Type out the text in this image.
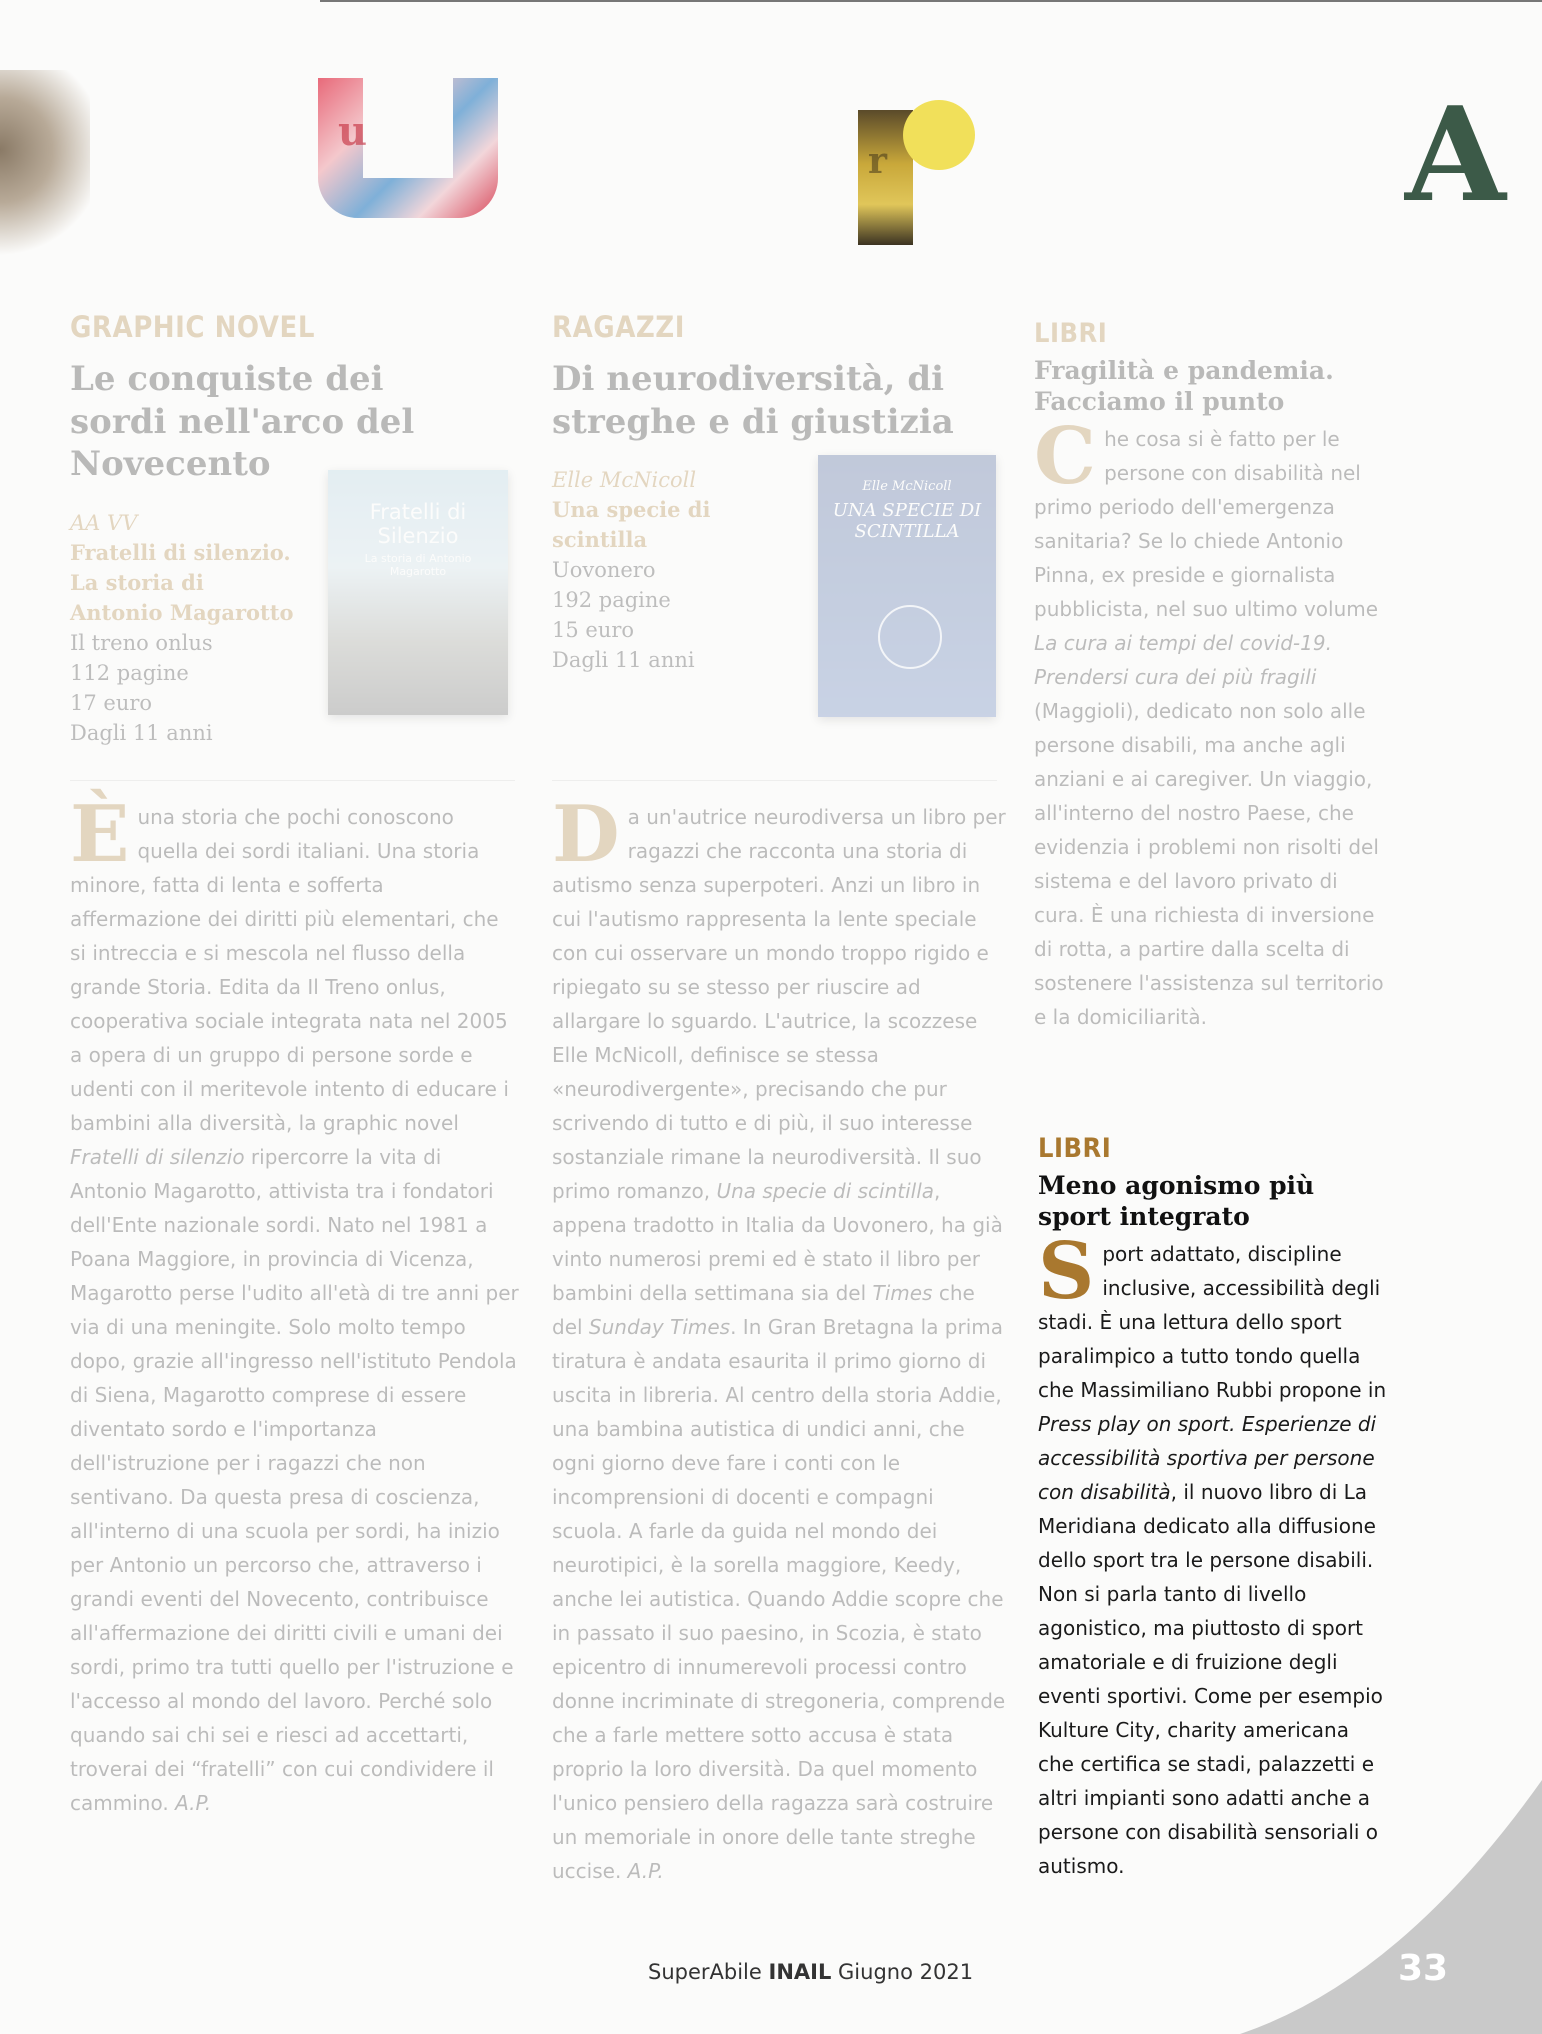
u
r	A
GRAPHIC NOVEL
Le conquiste dei sordi nell'arco del Novecento
AA VV
Fratelli di silenzio. La storia di Antonio Magarotto
Il treno onlus
112 pagine
17 euro
Dagli 11 anni
Fratelli di Silenzio
La storia di Antonio Magarotto

È una storia che pochi conoscono quella dei sordi italiani. Una storia minore, fatta di lenta e sofferta affermazione dei diritti più elementari, che si intreccia e si mescola nel flusso della grande Storia. Edita da Il Treno onlus, cooperativa sociale integrata nata nel 2005 a opera di un gruppo di persone sorde e udenti con il meritevole intento di educare i bambini alla diversità, la graphic novel Fratelli di silenzio ripercorre la vita di Antonio Magarotto, attivista tra i fondatori dell'Ente nazionale sordi. Nato nel 1981 a Poana Maggiore, in provincia di Vicenza, Magarotto perse l'udito all'età di tre anni per via di una meningite. Solo molto tempo dopo, grazie all'ingresso nell'istituto Pendola di Siena, Magarotto comprese di essere diventato sordo e l'importanza dell'istruzione per i ragazzi che non sentivano. Da questa presa di coscienza, all'interno di una scuola per sordi, ha inizio per Antonio un percorso che, attraverso i grandi eventi del Novecento, contribuisce all'affermazione dei diritti civili e umani dei sordi, primo tra tutti quello per l'istruzione e l'accesso al mondo del lavoro. Perché solo quando sai chi sei e riesci ad accettarti, troverai dei “fratelli” con cui condividere il cammino. A.P.

RAGAZZI
Di neurodiversità, di streghe e di giustizia
Elle McNicoll
Una specie di scintilla
Uovonero
192 pagine
15 euro
Dagli 11 anni
Elle McNicoll
UNA SPECIE DI SCINTILLA

Da un'autrice neurodiversa un libro per ragazzi che racconta una storia di autismo senza superpoteri. Anzi un libro in cui l'autismo rappresenta la lente speciale con cui osservare un mondo troppo rigido e ripiegato su se stesso per riuscire ad allargare lo sguardo. L'autrice, la scozzese Elle McNicoll, definisce se stessa «neurodivergente», precisando che pur scrivendo di tutto e di più, il suo interesse sostanziale rimane la neurodiversità. Il suo primo romanzo, Una specie di scintilla, appena tradotto in Italia da Uovonero, ha già vinto numerosi premi ed è stato il libro per bambini della settimana sia del Times che del Sunday Times. In Gran Bretagna la prima tiratura è andata esaurita il primo giorno di uscita in libreria. Al centro della storia Addie, una bambina autistica di undici anni, che ogni giorno deve fare i conti con le incomprensioni di docenti e compagni scuola. A farle da guida nel mondo dei neurotipici, è la sorella maggiore, Keedy, anche lei autistica. Quando Addie scopre che in passato il suo paesino, in Scozia, è stato epicentro di innumerevoli processi contro donne incriminate di stregoneria, comprende che a farle mettere sotto accusa è stata proprio la loro diversità. Da quel momento l'unico pensiero della ragazza sarà costruire un memoriale in onore delle tante streghe uccise. A.P.

LIBRI
Fragilità e pandemia. Facciamo il punto

Che cosa si è fatto per le persone con disabilità nel primo periodo dell'emergenza sanitaria? Se lo chiede Antonio Pinna, ex preside e giornalista pubblicista, nel suo ultimo volume La cura ai tempi del covid-19. Prendersi cura dei più fragili (Maggioli), dedicato non solo alle persone disabili, ma anche agli anziani e ai caregiver. Un viaggio, all'interno del nostro Paese, che evidenzia i problemi non risolti del sistema e del lavoro privato di cura. È una richiesta di inversione di rotta, a partire dalla scelta di sostenere l'assistenza sul territorio e la domiciliarità.

LIBRI
Meno agonismo più sport integrato

Sport adattato, discipline inclusive, accessibilità degli stadi. È una lettura dello sport paralimpico a tutto tondo quella che Massimiliano Rubbi propone in Press play on sport. Esperienze di accessibilità sportiva per persone con disabilità, il nuovo libro di La Meridiana dedicato alla diffusione dello sport tra le persone disabili. Non si parla tanto di livello agonistico, ma piuttosto di sport amatoriale e di fruizione degli eventi sportivi. Come per esempio Kulture City, charity americana che certifica se stadi, palazzetti e altri impianti sono adatti anche a persone con disabilità sensoriali o autismo.

SuperAbile INAIL Giugno 2021	33
